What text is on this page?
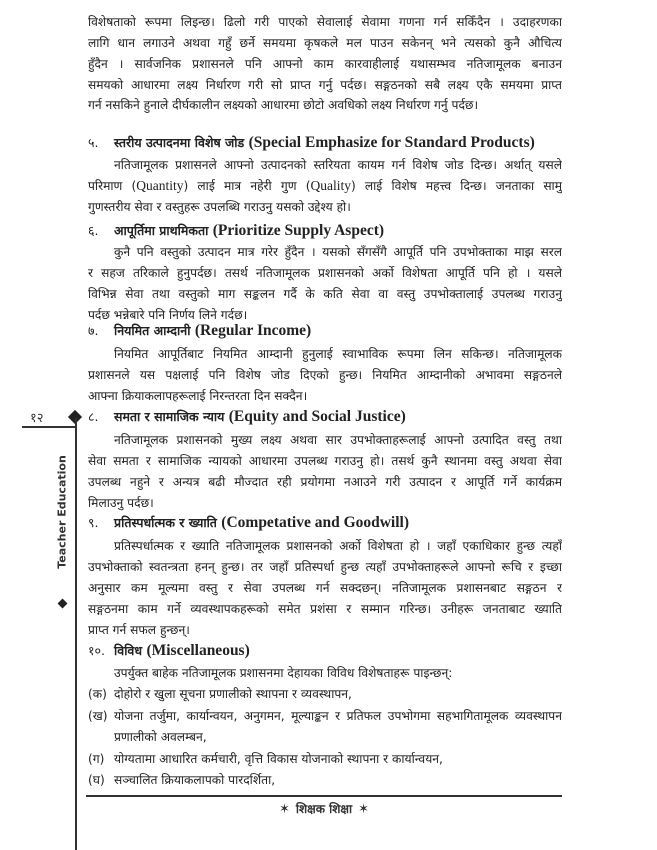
१२
Teacher Education
विशेषताको रूपमा लिइन्छ। ढिलो गरी पाएको सेवालाई सेवामा गणना गर्न सकिँदैन । उदाहरणका
लागि धान लगाउने अथवा गहुँ छर्ने समयमा कृषकले मल पाउन सकेनन् भने त्यसको कुनै औचित्य
हुँदैन । सार्वजनिक प्रशासनले पनि आफ्नो काम कारवाहीलाई यथासम्भव नतिजामूलक बनाउन
समयको आधारमा लक्ष्य निर्धारण गरी सो प्राप्त गर्नु पर्दछ। सङ्गठनको सबै लक्ष्य एकै समयमा प्राप्त
गर्न नसकिने हुनाले दीर्घकालीन लक्ष्यको आधारमा छोटो अवधिको लक्ष्य निर्धारण गर्नु पर्दछ।
५. स्तरीय उत्पादनमा विशेष जोड (Special Emphasize for Standard Products)
नतिजामूलक प्रशासनले आफ्नो उत्पादनको स्तरियता कायम गर्न विशेष जोड दिन्छ। अर्थात् यसले
परिमाण (Quantity) लाई मात्र नहेरी गुण (Quality) लाई विशेष महत्त्व दिन्छ। जनताका सामु
गुणस्तरीय सेवा र वस्तुहरू उपलब्धि गराउनु यसको उद्देश्य हो।
६. आपूर्तिमा प्राथमिकता (Prioritize Supply Aspect)
कुनै पनि वस्तुको उत्पादन मात्र गरेर हुँदैन । यसको सँगसँगै आपूर्ति पनि उपभोक्ताका माझ सरल
र सहज तरिकाले हुनुपर्दछ। तसर्थ नतिजामूलक प्रशासनको अर्को विशेषता आपूर्ति पनि हो । यसले
विभिन्न सेवा तथा वस्तुको माग सङ्कलन गर्दै के कति सेवा वा वस्तु उपभोक्तालाई उपलब्ध गराउनु
पर्दछ भन्नेबारे पनि निर्णय लिने गर्दछ।
७. नियमित आम्दानी (Regular Income)
नियमित आपूर्तिबाट नियमित आम्दानी हुनुलाई स्वाभाविक रूपमा लिन सकिन्छ। नतिजामूलक
प्रशासनले यस पक्षलाई पनि विशेष जोड दिएको हुन्छ। नियमित आम्दानीको अभावमा सङ्गठनले
आफ्ना क्रियाकलापहरूलाई निरन्तरता दिन सक्दैन।
८. समता र सामाजिक न्याय (Equity and Social Justice)
नतिजामूलक प्रशासनको मुख्य लक्ष्य अथवा सार उपभोक्ताहरूलाई आफ्नो उत्पादित वस्तु तथा
सेवा समता र सामाजिक न्यायको आधारमा उपलब्ध गराउनु हो। तसर्थ कुनै स्थानमा वस्तु अथवा सेवा
उपलब्ध नहुने र अन्यत्र बढी मौज्दात रही प्रयोगमा नआउने गरी उत्पादन र आपूर्ति गर्ने कार्यक्रम
मिलाउनु पर्दछ।
९. प्रतिस्पर्धात्मक र ख्याति (Competative and Goodwill)
प्रतिस्पर्धात्मक र ख्याति नतिजामूलक प्रशासनको अर्को विशेषता हो । जहाँ एकाधिकार हुन्छ त्यहाँ
उपभोक्ताको स्वतन्त्रता हनन् हुन्छ। तर जहाँ प्रतिस्पर्धा हुन्छ त्यहाँ उपभोक्ताहरूले आफ्नो रूचि र इच्छा
अनुसार कम मूल्यमा वस्तु र सेवा उपलब्ध गर्न सक्दछन्। नतिजामूलक प्रशासनबाट सङ्गठन र
सङ्गठनमा काम गर्ने व्यवस्थापकहरूको समेत प्रशंसा र सम्मान गरिन्छ। उनीहरू जनताबाट ख्याति
प्राप्त गर्न सफल हुन्छन्।
१०. विविध (Miscellaneous)
उपर्युक्त बाहेक नतिजामूलक प्रशासनमा देहायका विविध विशेषताहरू पाइन्छन्:
(क) दोहोरो र खुला सूचना प्रणालीको स्थापना र व्यवस्थापन,
(ख) योजना तर्जुमा, कार्यान्वयन, अनुगमन, मूल्याङ्कन र प्रतिफल उपभोगमा सहभागितामूलक व्यवस्थापन
प्रणालीको अवलम्बन,
(ग) योग्यतामा आधारित कर्मचारी, वृत्ति विकास योजनाको स्थापना र कार्यान्वयन,
(घ) सञ्चालित क्रियाकलापको पारदर्शिता,
✶ शिक्षक शिक्षा ✶
